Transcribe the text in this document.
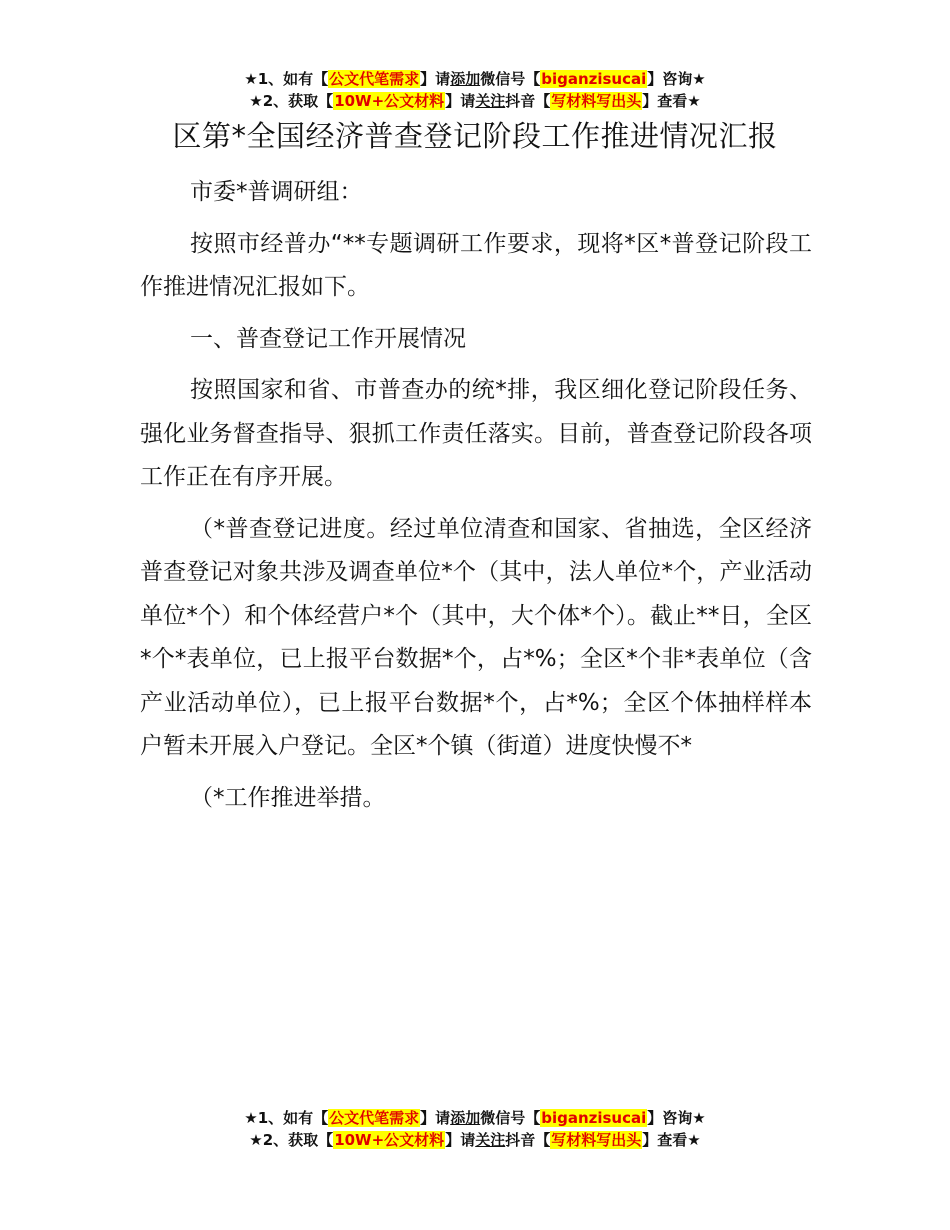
★1、如有【公文代笔需求】请添加微信号【biganzisucai】咨询★
★2、获取【10W+公文材料】请关注抖音【写材料写出头】查看★
区第*全国经济普查登记阶段工作推进情况汇报

市委*普调研组：

按照市经普办“**专题调研工作要求，现将*区*普登记阶段工作推进情况汇报如下。

一、普查登记工作开展情况

按照国家和省、市普查办的统*排，我区细化登记阶段任务、强化业务督查指导、狠抓工作责任落实。目前，普查登记阶段各项工作正在有序开展。

（*普查登记进度。经过单位清查和国家、省抽选，全区经济普查登记对象共涉及调查单位*个（其中，法人单位*个，产业活动单位*个）和个体经营户*个（其中，大个体*个）。截止**日，全区*个*表单位，已上报平台数据*个，占*%；全区*个非*表单位（含产业活动单位），已上报平台数据*个，占*%；全区个体抽样样本户暂未开展入户登记。全区*个镇（街道）进度快慢不*

（*工作推进举措。

★1、如有【公文代笔需求】请添加微信号【biganzisucai】咨询★
★2、获取【10W+公文材料】请关注抖音【写材料写出头】查看★
